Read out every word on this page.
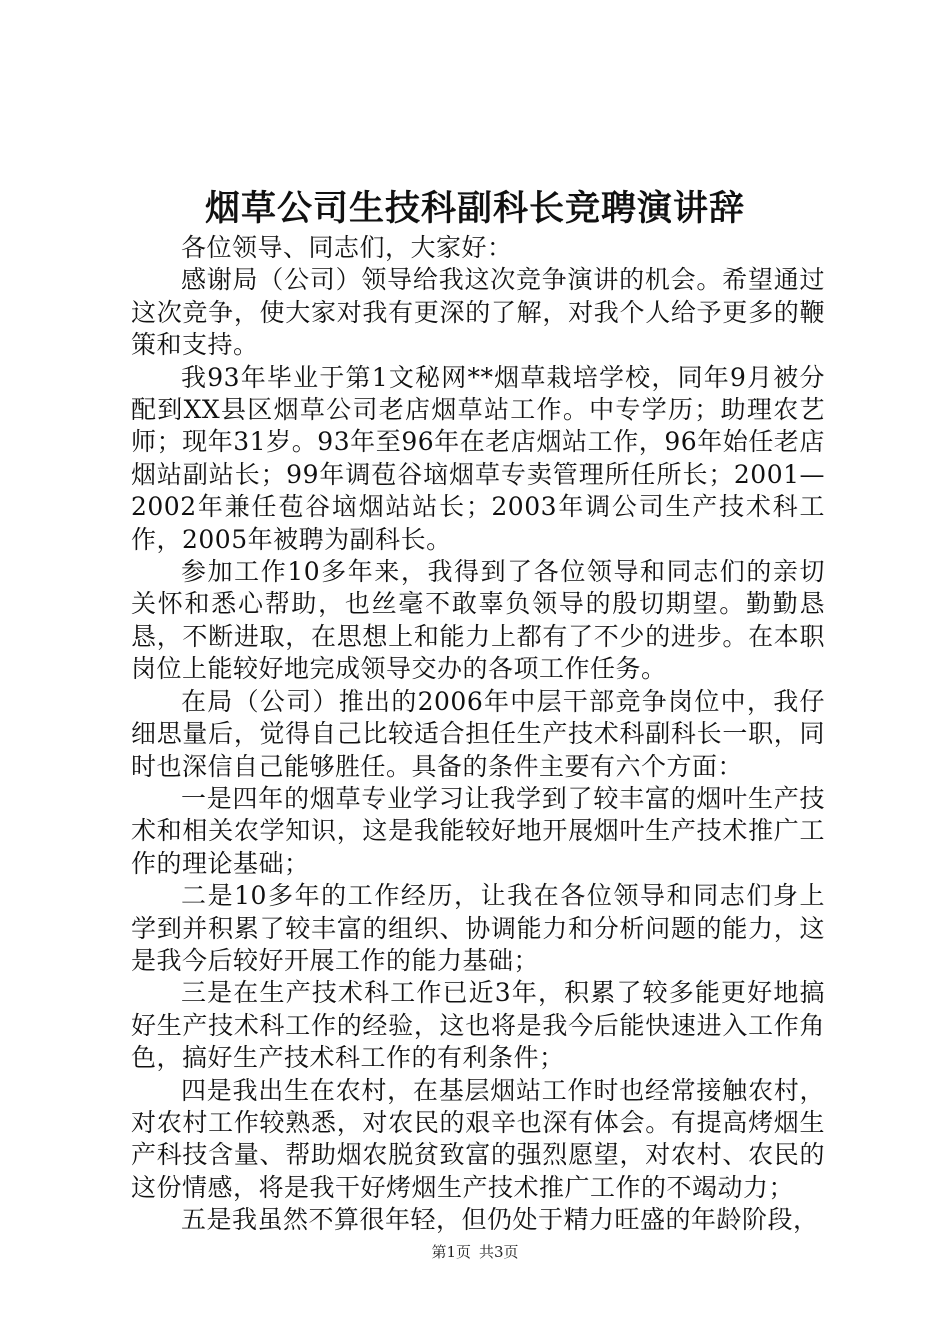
烟草公司生技科副科长竞聘演讲辞

各位领导、同志们，大家好：

感谢局（公司）领导给我这次竞争演讲的机会。希望通过这次竞争，使大家对我有更深的了解，对我个人给予更多的鞭策和支持。

我93年毕业于第1文秘网**烟草栽培学校，同年9月被分配到XX县区烟草公司老店烟草站工作。中专学历；助理农艺师；现年31岁。93年至96年在老店烟站工作，96年始任老店烟站副站长；99年调苞谷垴烟草专卖管理所任所长；2001—2002年兼任苞谷垴烟站站长；2003年调公司生产技术科工作，2005年被聘为副科长。

参加工作10多年来，我得到了各位领导和同志们的亲切关怀和悉心帮助，也丝毫不敢辜负领导的殷切期望。勤勤恳恳，不断进取，在思想上和能力上都有了不少的进步。在本职岗位上能较好地完成领导交办的各项工作任务。

在局（公司）推出的2006年中层干部竞争岗位中，我仔细思量后，觉得自己比较适合担任生产技术科副科长一职，同时也深信自己能够胜任。具备的条件主要有六个方面：

一是四年的烟草专业学习让我学到了较丰富的烟叶生产技术和相关农学知识，这是我能较好地开展烟叶生产技术推广工作的理论基础；

二是10多年的工作经历，让我在各位领导和同志们身上学到并积累了较丰富的组织、协调能力和分析问题的能力，这是我今后较好开展工作的能力基础；

三是在生产技术科工作已近3年，积累了较多能更好地搞好生产技术科工作的经验，这也将是我今后能快速进入工作角色，搞好生产技术科工作的有利条件；

四是我出生在农村，在基层烟站工作时也经常接触农村，对农村工作较熟悉，对农民的艰辛也深有体会。有提高烤烟生产科技含量、帮助烟农脱贫致富的强烈愿望，对农村、农民的这份情感，将是我干好烤烟生产技术推广工作的不竭动力；

五是我虽然不算很年轻，但仍处于精力旺盛的年龄阶段，

第1页 共3页
